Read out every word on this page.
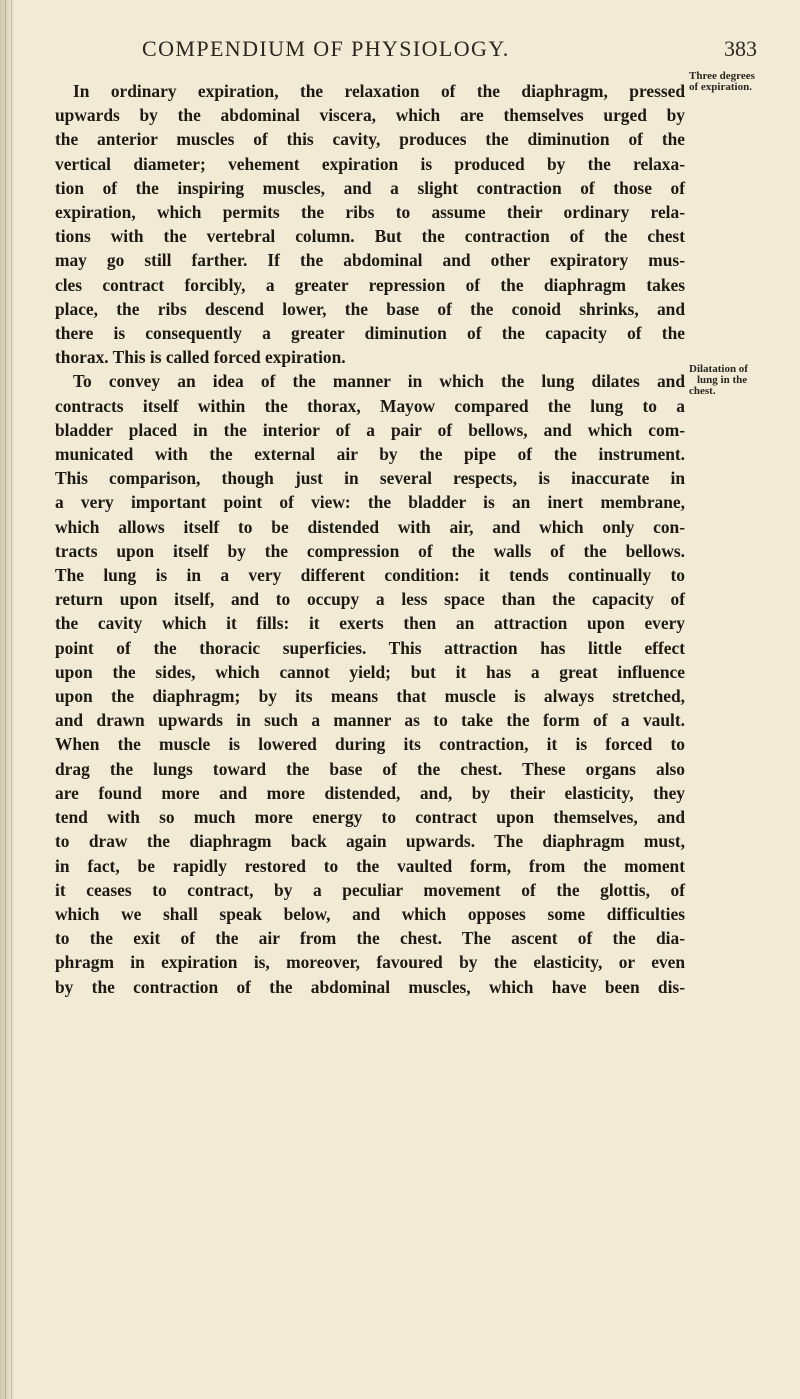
COMPENDIUM OF PHYSIOLOGY.	383
Three degrees
of expiration.
Dilatation of
lung in the
chest.
In ordinary expiration, the relaxation of the diaphragm, pressed
upwards by the abdominal viscera, which are themselves urged by
the anterior muscles of this cavity, produces the diminution of the
vertical diameter; vehement expiration is produced by the relaxa-
tion of the inspiring muscles, and a slight contraction of those of
expiration, which permits the ribs to assume their ordinary rela-
tions with the vertebral column. But the contraction of the chest
may go still farther. If the abdominal and other expiratory mus-
cles contract forcibly, a greater repression of the diaphragm takes
place, the ribs descend lower, the base of the conoid shrinks, and
there is consequently a greater diminution of the capacity of the
thorax. This is called forced expiration.
To convey an idea of the manner in which the lung dilates and
contracts itself within the thorax, Mayow compared the lung to a
bladder placed in the interior of a pair of bellows, and which com-
municated with the external air by the pipe of the instrument.
This comparison, though just in several respects, is inaccurate in
a very important point of view: the bladder is an inert membrane,
which allows itself to be distended with air, and which only con-
tracts upon itself by the compression of the walls of the bellows.
The lung is in a very different condition: it tends continually to
return upon itself, and to occupy a less space than the capacity of
the cavity which it fills: it exerts then an attraction upon every
point of the thoracic superficies. This attraction has little effect
upon the sides, which cannot yield; but it has a great influence
upon the diaphragm; by its means that muscle is always stretched,
and drawn upwards in such a manner as to take the form of a vault.
When the muscle is lowered during its contraction, it is forced to
drag the lungs toward the base of the chest. These organs also
are found more and more distended, and, by their elasticity, they
tend with so much more energy to contract upon themselves, and
to draw the diaphragm back again upwards. The diaphragm must,
in fact, be rapidly restored to the vaulted form, from the moment
it ceases to contract, by a peculiar movement of the glottis, of
which we shall speak below, and which opposes some difficulties
to the exit of the air from the chest. The ascent of the dia-
phragm in expiration is, moreover, favoured by the elasticity, or even
by the contraction of the abdominal muscles, which have been dis-
